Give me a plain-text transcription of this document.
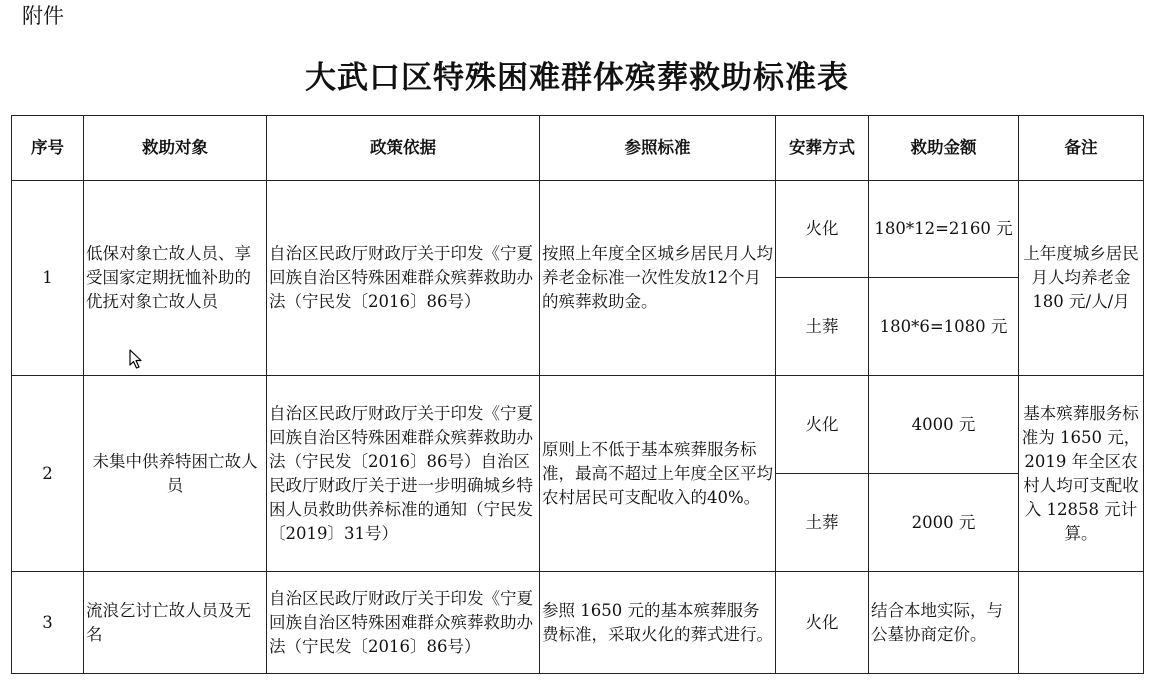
附件
大武口区特殊困难群体殡葬救助标准表
序号	救助对象	政策依据	参照标准	安葬方式	救助金额	备注
1	低保对象亡故人员、享受国家定期抚恤补助的优抚对象亡故人员	自治区民政厅财政厅关于印发《宁夏回族自治区特殊困难群众殡葬救助办法（宁民发〔2016〕86号）	按照上年度全区城乡居民月人均养老金标准一次性发放12个月的殡葬救助金。	火化	180*12=2160 元	上年度城乡居民月人均养老金 180 元/人/月
				土葬	180*6=1080 元	
2	未集中供养特困亡故人员	自治区民政厅财政厅关于印发《宁夏回族自治区特殊困难群众殡葬救助办法（宁民发〔2016〕86号）自治区民政厅财政厅关于进一步明确城乡特困人员救助供养标准的通知（宁民发〔2019〕31号）	原则上不低于基本殡葬服务标准，最高不超过上年度全区平均农村居民可支配收入的40%。	火化	4000 元	基本殡葬服务标准为 1650 元，2019 年全区农村人均可支配收入 12858 元计算。
				土葬	2000 元	
3	流浪乞讨亡故人员及无名	自治区民政厅财政厅关于印发《宁夏回族自治区特殊困难群众殡葬救助办法（宁民发〔2016〕86号）	参照 1650 元的基本殡葬服务费标准，采取火化的葬式进行。	火化	结合本地实际，与公墓协商定价。	
